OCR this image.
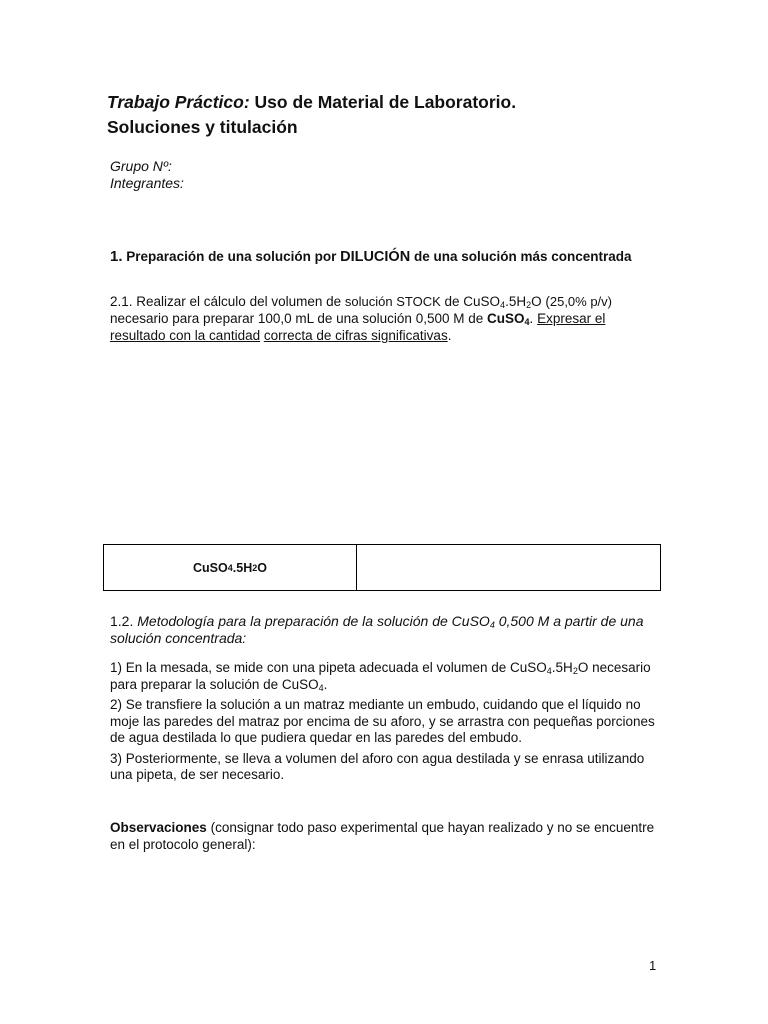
Trabajo Práctico: Uso de Material de Laboratorio.
Soluciones y titulación
Grupo Nº:
Integrantes:
1. Preparación de una solución por DILUCIÓN de una solución más concentrada
2.1. Realizar el cálculo del volumen de solución STOCK de $CuSO_4.5H_2O$ (25,0% p/v)
necesario para preparar 100,0 mL de una solución 0,500 M de CuSO$_4$. Expresar el
resultado con la cantidad correcta de cifras significativas.
CuSO 4 .5H 2 O
1.2. Metodología para la preparación de la solución de CuSO$_4$ 0,500 M a partir de una solución concentrada:

1) En la mesada, se mide con una pipeta adecuada el volumen de $CuSO_4.5H_2O$ necesario para preparar la solución de CuSO$_4$.

2) Se transfiere la solución a un matraz mediante un embudo, cuidando que el líquido no moje las paredes del matraz por encima de su aforo, y se arrastra con pequeñas porciones de agua destilada lo que pudiera quedar en las paredes del embudo.

3) Posteriormente, se lleva a volumen del aforo con agua destilada y se enrasa utilizando una pipeta, de ser necesario.

Observaciones (consignar todo paso experimental que hayan realizado y no se encuentre en el protocolo general):
1
